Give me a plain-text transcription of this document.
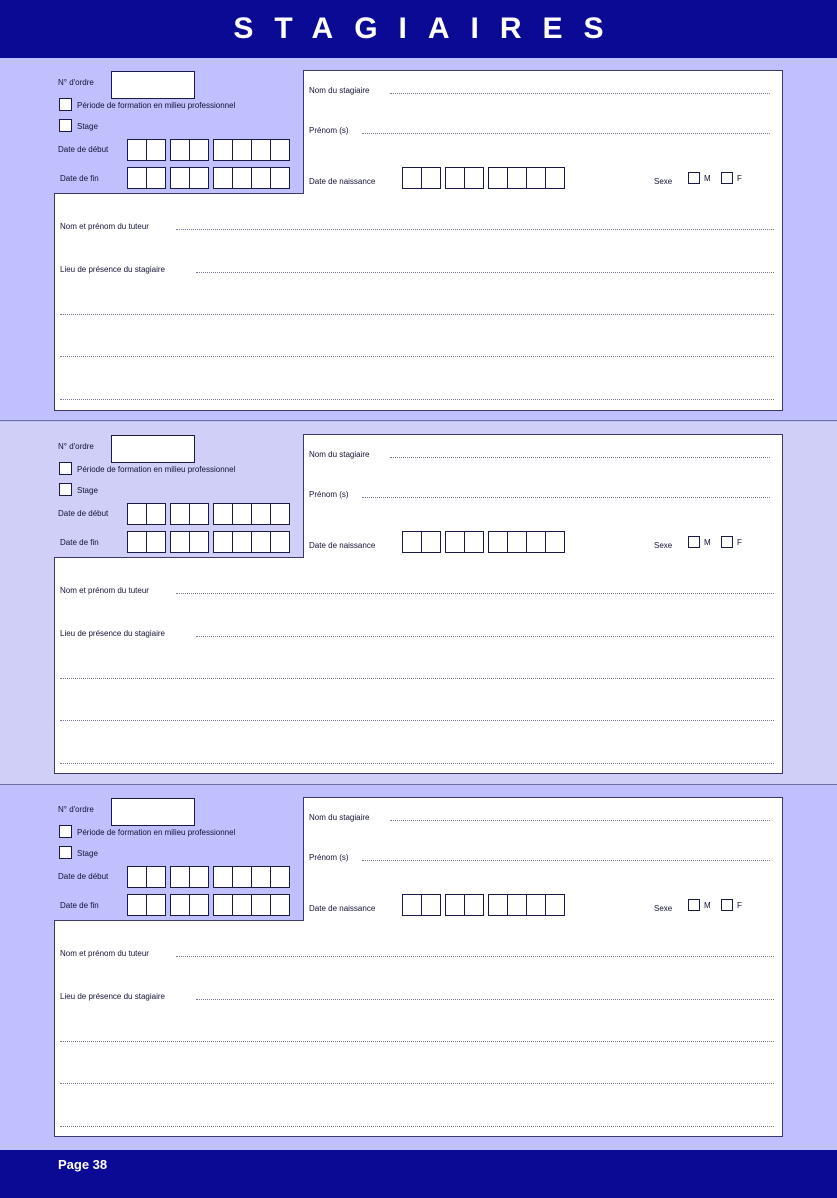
STAGIAIRES
N° d'ordre
Période de formation en milieu professionnel
Stage
Date de début
Date de fin
Nom du stagiaire
Prénom (s)
Date de naissance	Sexe	M	F
Nom et prénom du tuteur
Lieu de présence du stagiaire
N° d'ordre
Période de formation en milieu professionnel
Stage
Date de début
Date de fin
Nom du stagiaire
Prénom (s)
Date de naissance	Sexe	M	F
Nom et prénom du tuteur
Lieu de présence du stagiaire
N° d'ordre
Période de formation en milieu professionnel
Stage
Date de début
Date de fin
Nom du stagiaire
Prénom (s)
Date de naissance	Sexe	M	F
Nom et prénom du tuteur
Lieu de présence du stagiaire
Page 38
